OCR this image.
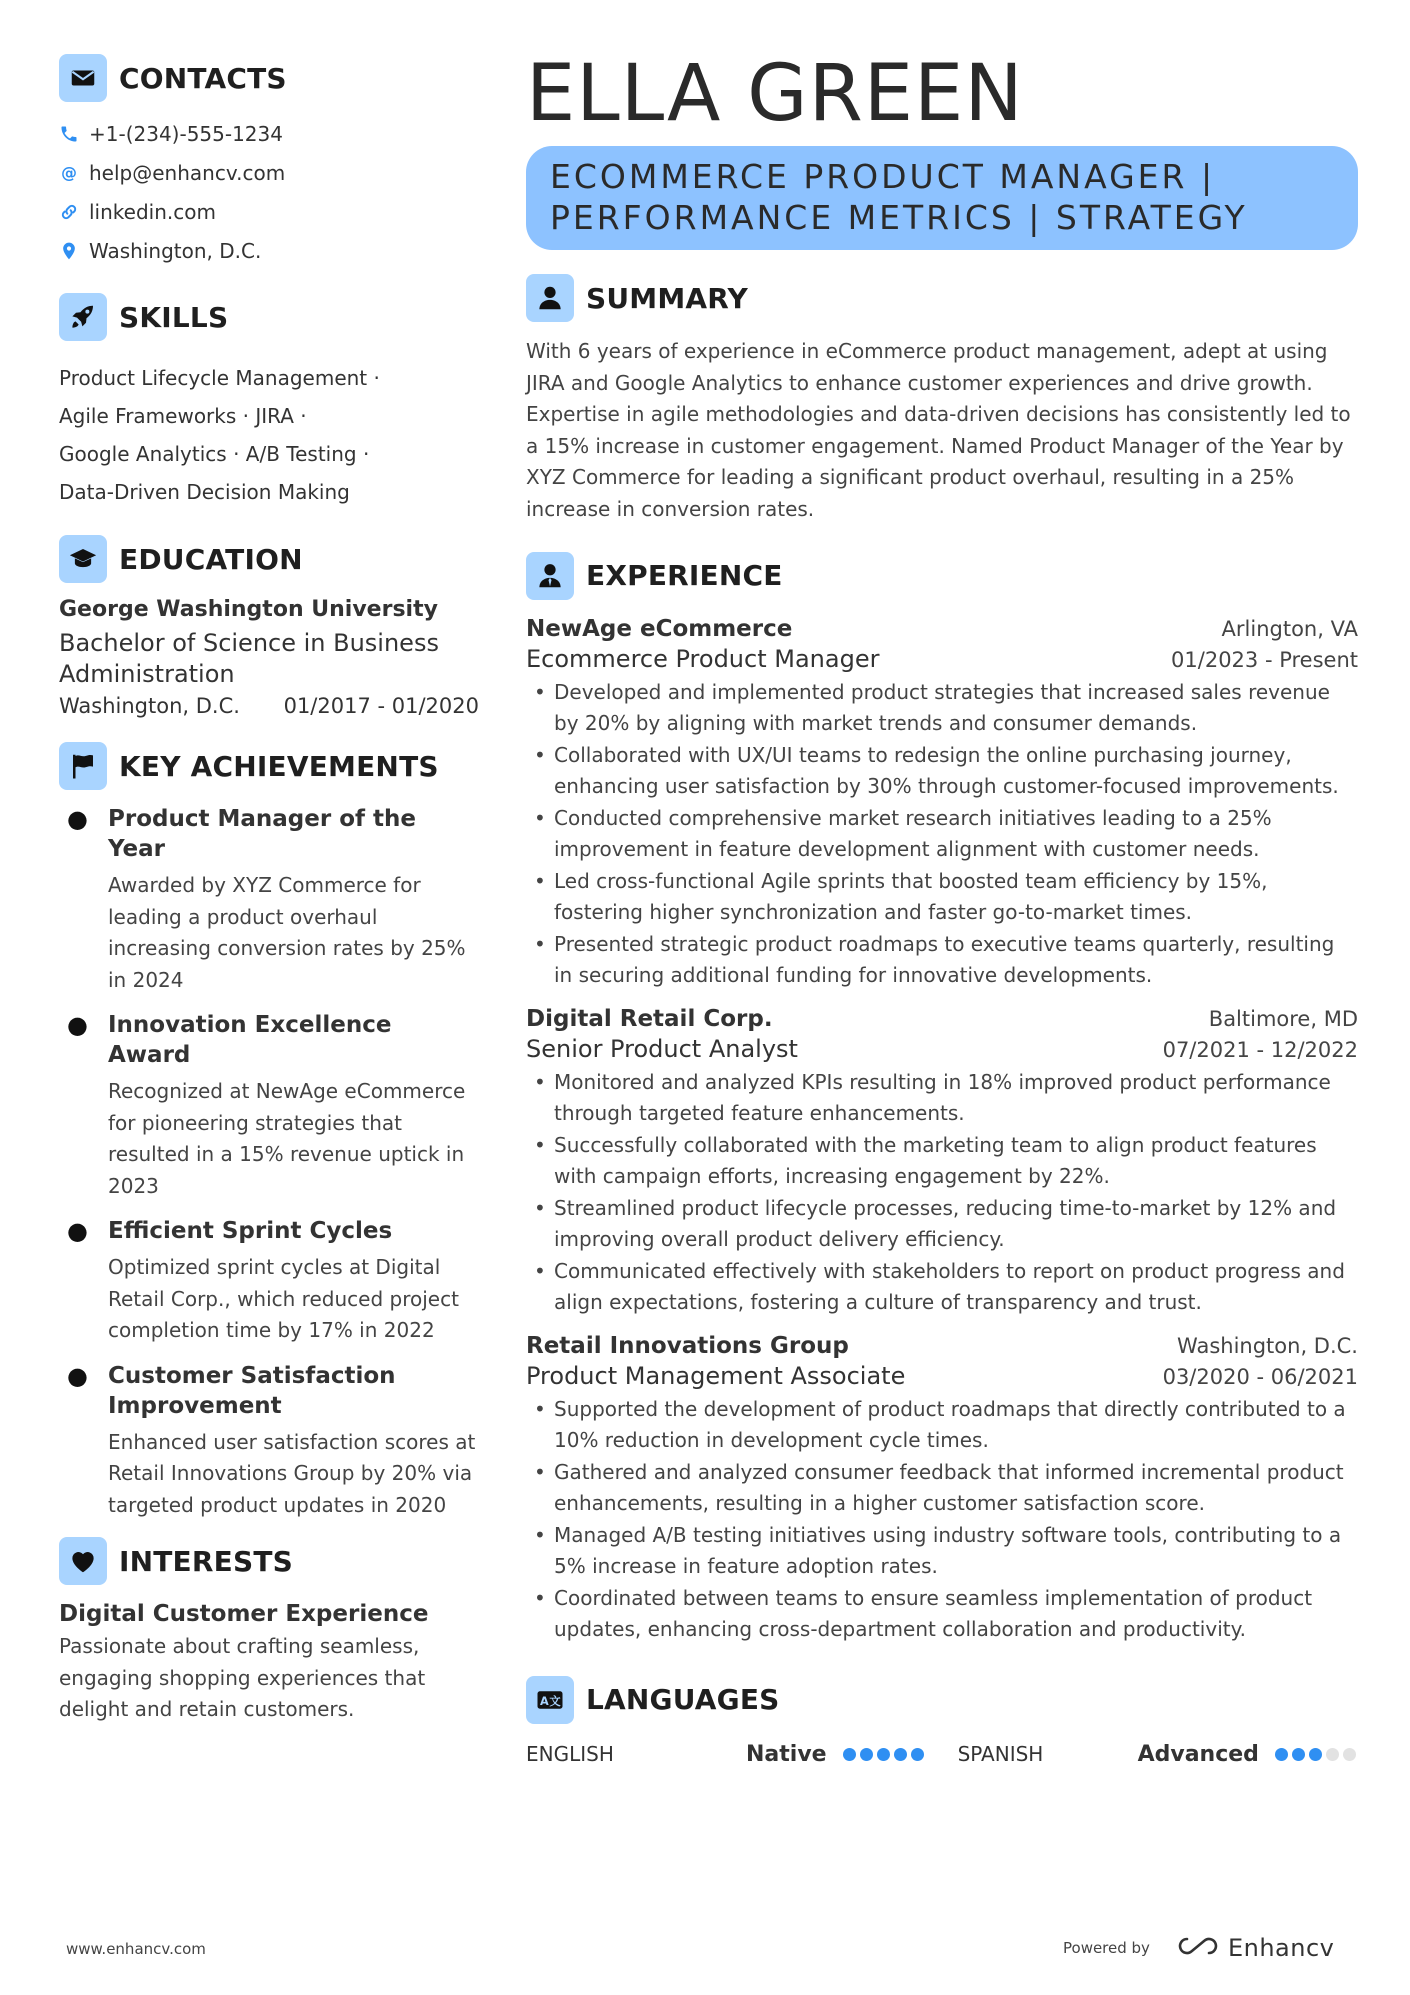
CONTACTS
+1-(234)-555-1234
@ help@enhancv.com
linkedin.com
Washington, D.C.
SKILLS
Product Lifecycle Management ·
Agile Frameworks · JIRA ·
Google Analytics · A/B Testing ·
Data-Driven Decision Making
EDUCATION
George Washington University
Bachelor of Science in Business Administration
Washington, D.C. 01/2017 - 01/2020
KEY ACHIEVEMENTS
● Product Manager of the Year
Awarded by XYZ Commerce for leading a product overhaul increasing conversion rates by 25% in 2024
● Innovation Excellence Award
Recognized at NewAge eCommerce for pioneering strategies that resulted in a 15% revenue uptick in 2023
● Efficient Sprint Cycles
Optimized sprint cycles at Digital Retail Corp., which reduced project completion time by 17% in 2022
● Customer Satisfaction Improvement
Enhanced user satisfaction scores at Retail Innovations Group by 20% via targeted product updates in 2020
INTERESTS
Digital Customer Experience
Passionate about crafting seamless, engaging shopping experiences that delight and retain customers.
ELLA GREEN
ECOMMERCE PRODUCT MANAGER | PERFORMANCE METRICS | STRATEGY
SUMMARY
With 6 years of experience in eCommerce product management, adept at using JIRA and Google Analytics to enhance customer experiences and drive growth. Expertise in agile methodologies and data-driven decisions has consistently led to a 15% increase in customer engagement. Named Product Manager of the Year by XYZ Commerce for leading a significant product overhaul, resulting in a 25% increase in conversion rates.
EXPERIENCE
NewAge eCommerce	Arlington, VA
Ecommerce Product Manager	01/2023 - Present
• Developed and implemented product strategies that increased sales revenue by 20% by aligning with market trends and consumer demands.
• Collaborated with UX/UI teams to redesign the online purchasing journey, enhancing user satisfaction by 30% through customer-focused improvements.
• Conducted comprehensive market research initiatives leading to a 25% improvement in feature development alignment with customer needs.
• Led cross-functional Agile sprints that boosted team efficiency by 15%, fostering higher synchronization and faster go-to-market times.
• Presented strategic product roadmaps to executive teams quarterly, resulting in securing additional funding for innovative developments.
Digital Retail Corp.	Baltimore, MD
Senior Product Analyst	07/2021 - 12/2022
• Monitored and analyzed KPIs resulting in 18% improved product performance through targeted feature enhancements.
• Successfully collaborated with the marketing team to align product features with campaign efforts, increasing engagement by 22%.
• Streamlined product lifecycle processes, reducing time-to-market by 12% and improving overall product delivery efficiency.
• Communicated effectively with stakeholders to report on product progress and align expectations, fostering a culture of transparency and trust.
Retail Innovations Group	Washington, D.C.
Product Management Associate	03/2020 - 06/2021
• Supported the development of product roadmaps that directly contributed to a 10% reduction in development cycle times.
• Gathered and analyzed consumer feedback that informed incremental product enhancements, resulting in a higher customer satisfaction score.
• Managed A/B testing initiatives using industry software tools, contributing to a 5% increase in feature adoption rates.
• Coordinated between teams to ensure seamless implementation of product updates, enhancing cross-department collaboration and productivity.
A 文 LANGUAGES
ENGLISH	Native	SPANISH	Advanced
www.enhancv.com	Powered by	Enhancv
